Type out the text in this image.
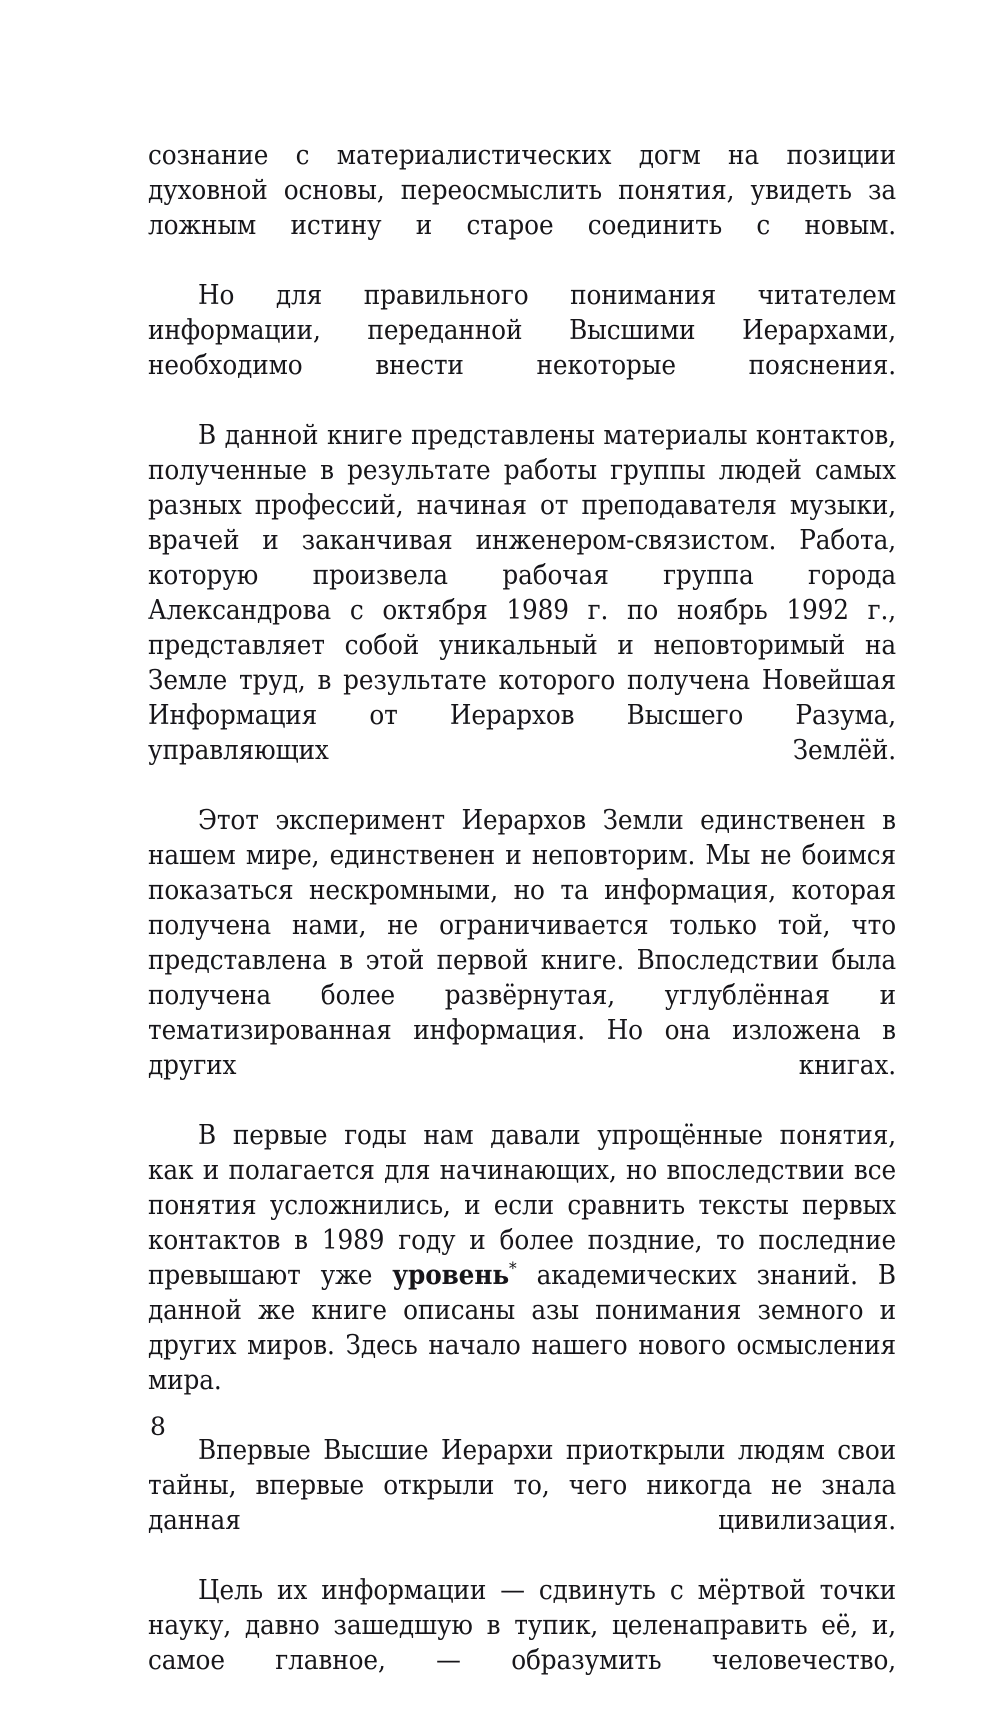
сознание с материалистических догм на позиции духовной основы, переосмыслить понятия, увидеть за ложным истину и старое соединить с новым.

Но для правильного понимания читателем информации, переданной Высшими Иерархами, необходимо внести некоторые пояснения.

В данной книге представлены материалы контактов, полученные в результате работы группы людей самых разных профессий, начиная от преподавателя музыки, врачей и заканчивая инженером-связистом. Работа, которую произвела рабочая группа города Александрова с октября 1989 г. по ноябрь 1992 г., представляет собой уникальный и неповторимый на Земле труд, в результате которого получена Новейшая Информация от Иерархов Высшего Разума, управляющих Землёй.

Этот эксперимент Иерархов Земли единственен в нашем мире, единственен и неповторим. Мы не боимся показаться нескромными, но та информация, которая получена нами, не ограничивается только той, что представлена в этой первой книге. Впоследствии была получена более развёрнутая, углублённая и тематизированная информация. Но она изложена в других книгах.

В первые годы нам давали упрощённые понятия, как и полагается для начинающих, но впоследствии все понятия усложнились, и если сравнить тексты первых контактов в 1989 году и более поздние, то последние превышают уже уровень* академических знаний. В данной же книге описаны азы понимания земного и других миров. Здесь начало нашего нового осмысления мира.

Впервые Высшие Иерархи приоткрыли людям свои тайны, впервые открыли то, чего никогда не знала данная цивилизация.

Цель их информации — сдвинуть с мёртвой точки науку, давно зашедшую в тупик, целенаправить её, и, самое главное, — образумить человечество,

8
